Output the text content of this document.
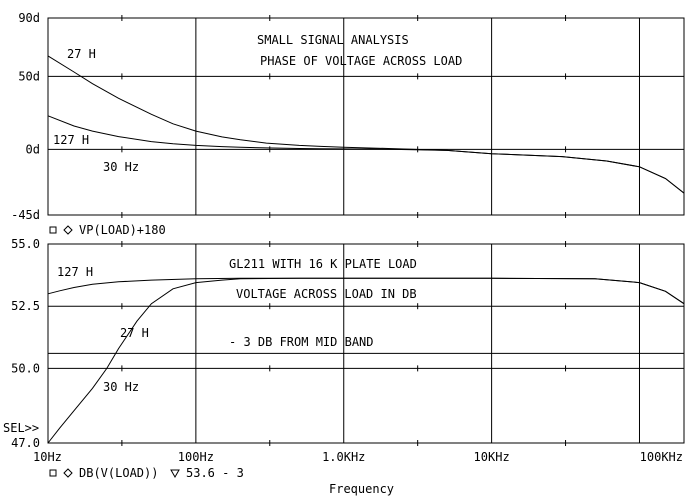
90d
50d
0d
-45d
SMALL SIGNAL ANALYSIS
PHASE OF VOLTAGE ACROSS LOAD
27 H
127 H
30 Hz
VP(LOAD)+180
55.0
52.5
50.0
47.0
10Hz	100Hz	1.0KHz	10KHz	100KHz
GL211 WITH 16 K PLATE LOAD
VOLTAGE ACROSS LOAD IN DB
- 3 DB FROM MID BAND
127 H
27 H
30 Hz
SEL>>
DB(V(LOAD)) 53.6 - 3
Frequency
